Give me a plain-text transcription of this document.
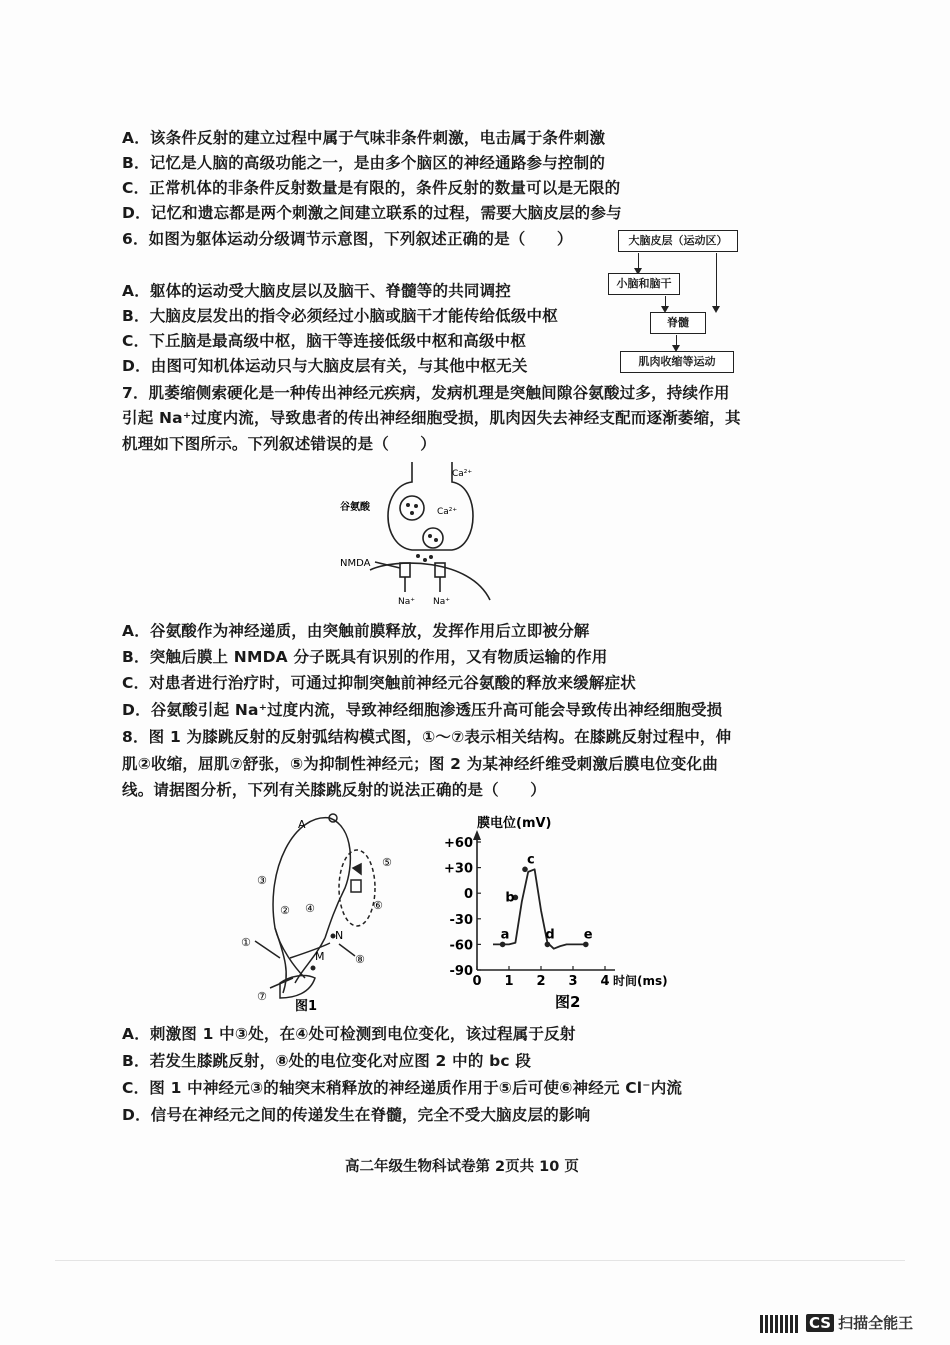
A．该条件反射的建立过程中属于气味非条件刺激，电击属于条件刺激
B．记忆是人脑的高级功能之一，是由多个脑区的神经通路参与控制的
C．正常机体的非条件反射数量是有限的，条件反射的数量可以是无限的
D．记忆和遗忘都是两个刺激之间建立联系的过程，需要大脑皮层的参与
6．如图为躯体运动分级调节示意图，下列叙述正确的是（　　）
A．躯体的运动受大脑皮层以及脑干、脊髓等的共同调控
B．大脑皮层发出的指令必须经过小脑或脑干才能传给低级中枢
C．下丘脑是最高级中枢，脑干等连接低级中枢和高级中枢
D．由图可知机体运动只与大脑皮层有关，与其他中枢无关
大脑皮层（运动区）
小脑和脑干
脊髓
肌肉收缩等运动
7．肌萎缩侧索硬化是一种传出神经元疾病，发病机理是突触间隙谷氨酸过多，持续作用
引起 Na⁺过度内流，导致患者的传出神经细胞受损，肌肉因失去神经支配而逐渐萎缩，其
机理如下图所示。下列叙述错误的是（　　）
谷氨酸
Ca²⁺
Ca²⁺
NMDA
Na⁺ Na⁺
A．谷氨酸作为神经递质，由突触前膜释放，发挥作用后立即被分解
B．突触后膜上 NMDA 分子既具有识别的作用，又有物质运输的作用
C．对患者进行治疗时，可通过抑制突触前神经元谷氨酸的释放来缓解症状
D．谷氨酸引起 Na⁺过度内流，导致神经细胞渗透压升高可能会导致传出神经细胞受损
8．图 1 为膝跳反射的反射弧结构模式图，①～⑦表示相关结构。在膝跳反射过程中，伸
肌②收缩，屈肌⑦舒张，⑤为抑制性神经元；图 2 为某神经纤维受刺激后膜电位变化曲
线。请据图分析，下列有关膝跳反射的说法正确的是（　　）
A
①
②
③
④
⑤
⑥
⑦
⑧
N
M
图1
膜电位(mV)
时间(ms)
图2
+60
+30
0
-30
-60
-90
0 1 2 3 4
a
b
c
d e
A．刺激图 1 中③处，在④处可检测到电位变化，该过程属于反射
B．若发生膝跳反射，⑧处的电位变化对应图 2 中的 bc 段
C．图 1 中神经元③的轴突末稍释放的神经递质作用于⑤后可使⑥神经元 Cl⁻内流
D．信号在神经元之间的传递发生在脊髓，完全不受大脑皮层的影响
高二年级生物科试卷第 2页共 10 页
CS 扫描全能王
